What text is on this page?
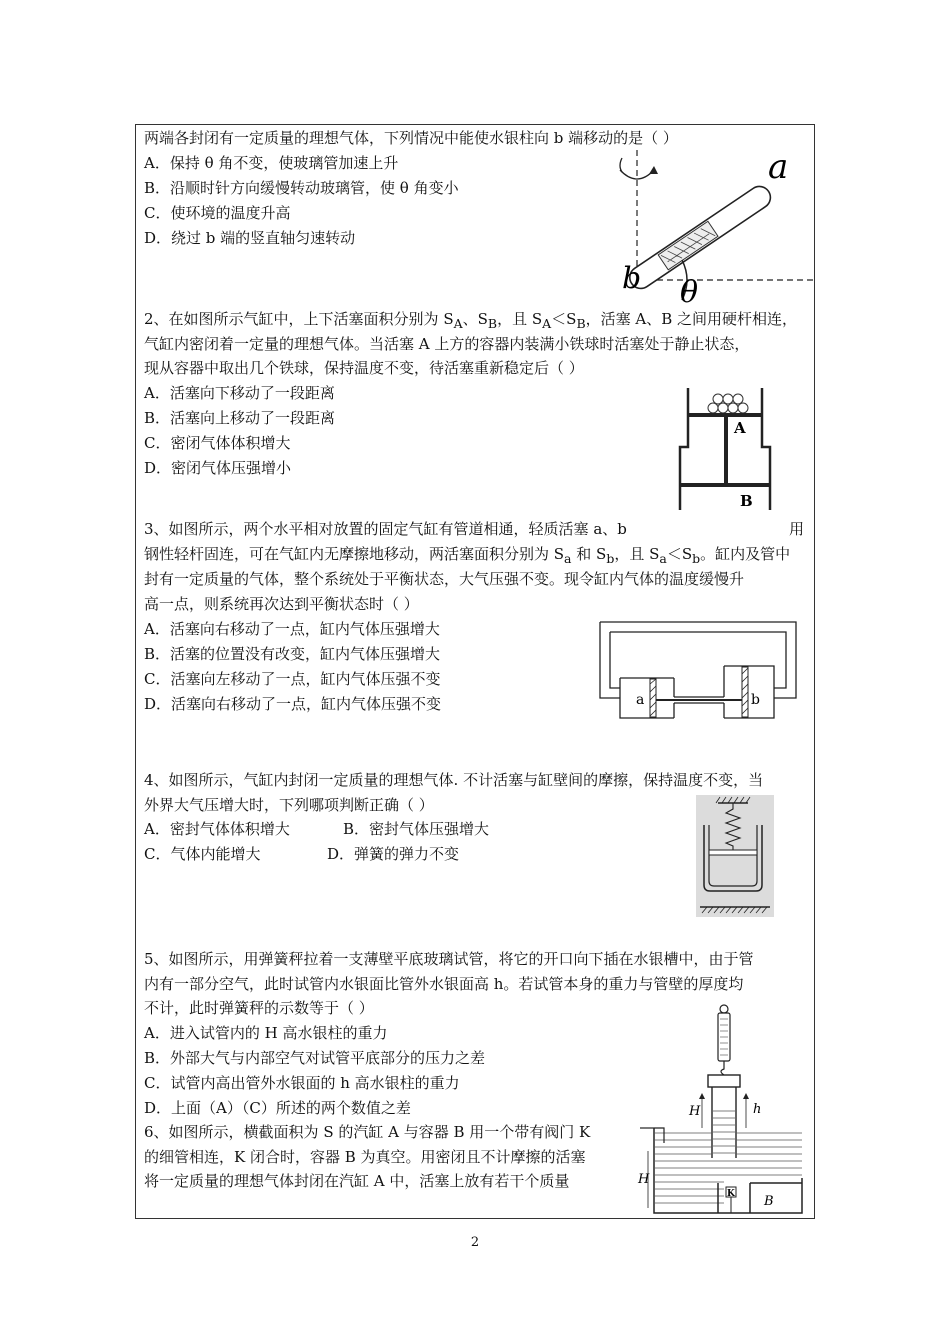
两端各封闭有一定质量的理想气体，下列情况中能使水银柱向 b 端移动的是（ ）
A．保持 θ 角不变，使玻璃管加速上升
B．沿顺时针方向缓慢转动玻璃管，使 θ 角变小
C．使环境的温度升高
D．绕过 b 端的竖直轴匀速转动
a
b θ
2、在如图所示气缸中，上下活塞面积分别为 $S_A$、$S_B$，且 $S_A<S_B$，活塞 A、B 之间用硬杆相连，
气缸内密闭着一定量的理想气体。当活塞 A 上方的容器内装满小铁球时活塞处于静止状态，
现从容器中取出几个铁球，保持温度不变，待活塞重新稳定后（ ）
A．活塞向下移动了一段距离
B．活塞向上移动了一段距离
C．密闭气体体积增大
D．密闭气体压强增小
A
B
3、如图所示，两个水平相对放置的固定气缸有管道相通，轻质活塞 a、b	用
钢性轻杆固连，可在气缸内无摩擦地移动，两活塞面积分别为 $S_a$ 和 $S_b$，且 $S_a<S_b$。缸内及管中
封有一定质量的气体，整个系统处于平衡状态，大气压强不变。现令缸内气体的温度缓慢升
高一点，则系统再次达到平衡状态时（ ）
A．活塞向右移动了一点，缸内气体压强增大
B．活塞的位置没有改变，缸内气体压强增大
C．活塞向左移动了一点，缸内气体压强不变
D．活塞向右移动了一点，缸内气体压强不变	a	b
4、如图所示，气缸内封闭一定质量的理想气体. 不计活塞与缸壁间的摩擦，保持温度不变，当
外界大气压增大时，下列哪项判断正确（ ）
A．密封气体体积增大	B．密封气体压强增大
C．气体内能增大	D．弹簧的弹力不变
5、如图所示，用弹簧秤拉着一支薄壁平底玻璃试管，将它的开口向下插在水银槽中，由于管
内有一部分空气，此时试管内水银面比管外水银面高 h。若试管本身的重力与管壁的厚度均
不计，此时弹簧秤的示数等于（ ）
A．进入试管内的 H 高水银柱的重力
B．外部大气与内部空气对试管平底部分的压力之差
C．试管内高出管外水银面的 h 高水银柱的重力
D．上面（A）（C）所述的两个数值之差
6、如图所示，横截面积为 S 的汽缸 A 与容器 B 用一个带有阀门 K
的细管相连，K 闭合时，容器 B 为真空。用密闭且不计摩擦的活塞
将一定质量的理想气体封闭在汽缸 A 中，活塞上放有若干个质量
H	h
H
K B
2
